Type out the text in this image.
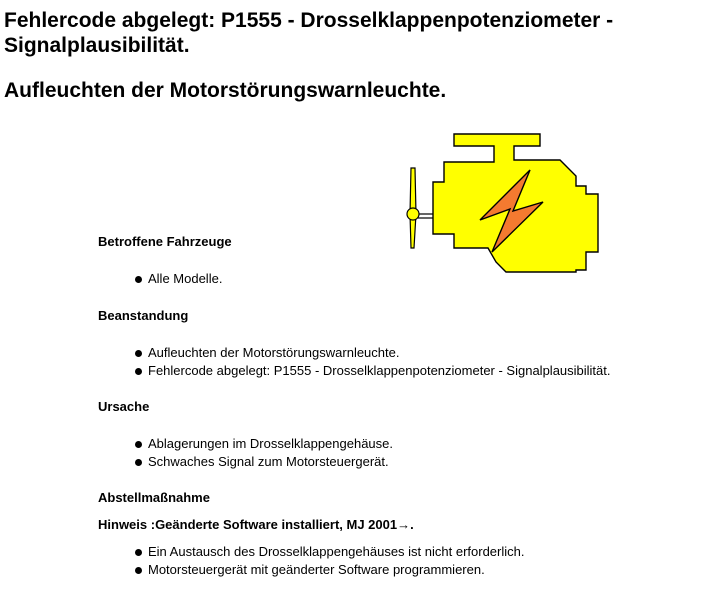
Fehlercode abgelegt: P1555 - Drosselklappenpotenziometer - Signalplausibilität.
Aufleuchten der Motorstörungswarnleuchte.

Betroffene Fahrzeuge

Alle Modelle.

Beanstandung

Aufleuchten der Motorstörungswarnleuchte.
Fehlercode abgelegt: P1555 - Drosselklappenpotenziometer - Signalplausibilität.

Ursache

Ablagerungen im Drosselklappengehäuse.
Schwaches Signal zum Motorsteuergerät.

Abstellmaßnahme

Hinweis :Geänderte Software installiert, MJ 2001→.

Ein Austausch des Drosselklappengehäuses ist nicht erforderlich.
Motorsteuergerät mit geänderter Software programmieren.
